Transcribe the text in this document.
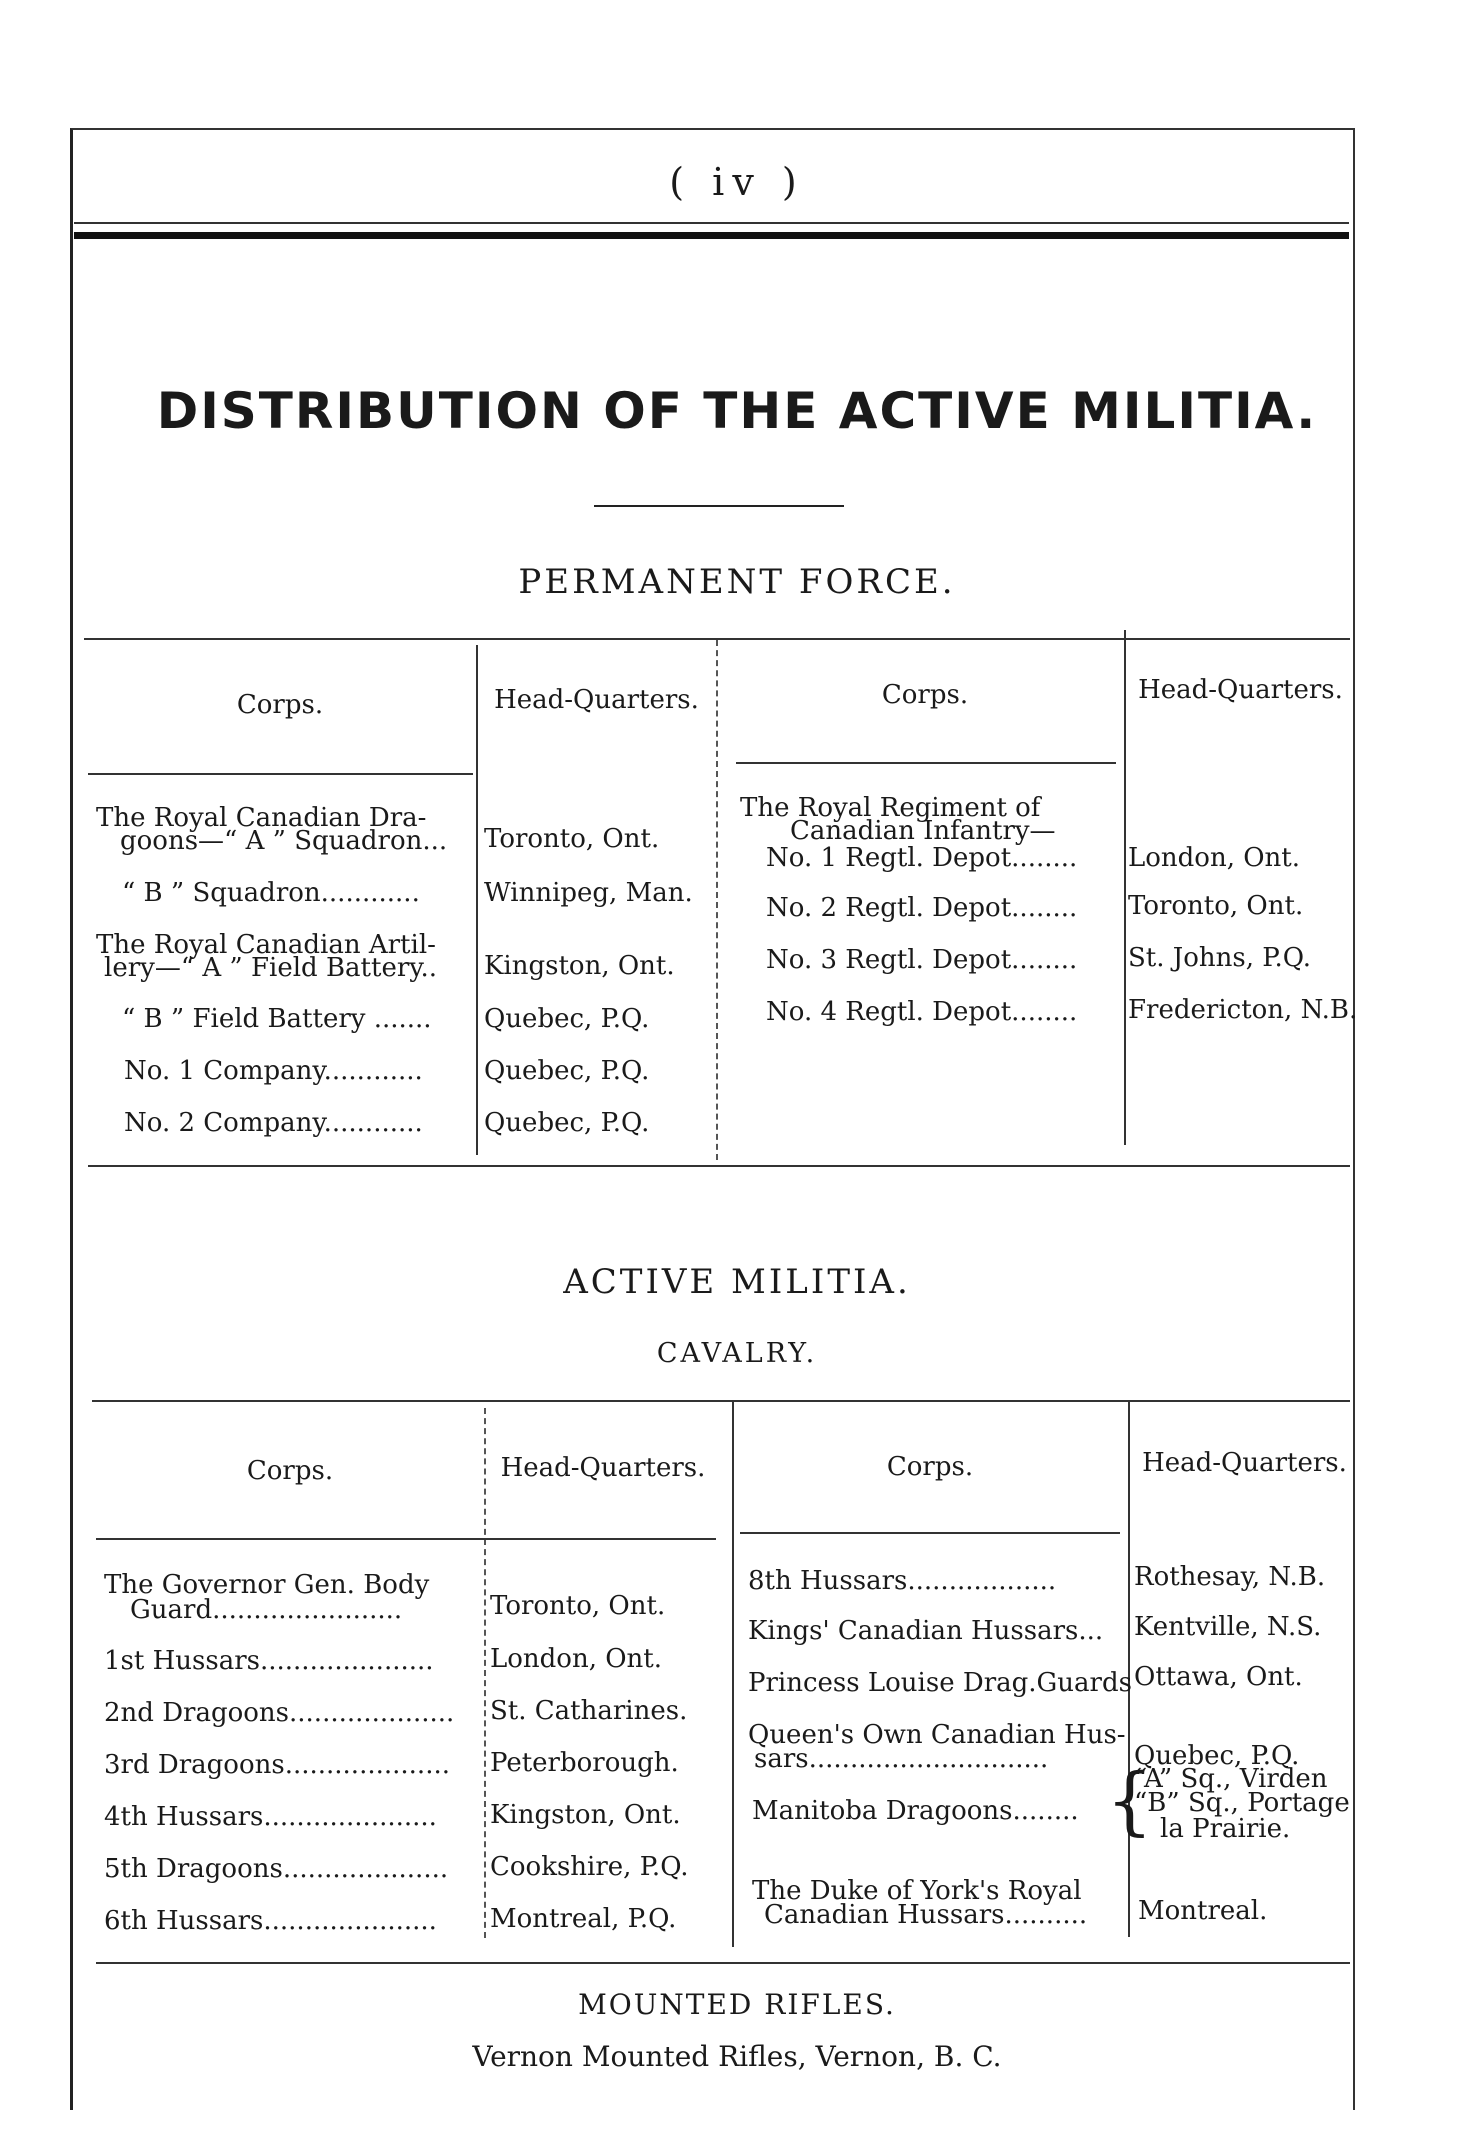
( iv )
DISTRIBUTION OF THE ACTIVE MILITIA.
PERMANENT FORCE.
Corps.	Head-Quarters.	Corps.	Head-Quarters.
The Royal Canadian Dra-
goons—“ A ” Squadron... Toronto, Ont.
“ B ” Squadron............ Winnipeg, Man.
The Royal Canadian Artil-
lery—“ A ” Field Battery.. Kingston, Ont.
“ B ” Field Battery ....... Quebec, P.Q.
No. 1 Company............ Quebec, P.Q.
No. 2 Company............ Quebec, P.Q.
The Royal Regiment of
Canadian Infantry—
No. 1 Regtl. Depot........ London, Ont.
No. 2 Regtl. Depot........ Toronto, Ont.
No. 3 Regtl. Depot........ St. Johns, P.Q.
No. 4 Regtl. Depot........ Fredericton, N.B.
ACTIVE MILITIA.
CAVALRY.
Corps.	Head-Quarters.	Corps.	Head-Quarters.
The Governor Gen. Body
Guard.......................	Toronto, Ont.
1st Hussars..................... London, Ont.
2nd Dragoons.................... St. Catharines.
3rd Dragoons.................... Peterborough.
4th Hussars..................... Kingston, Ont.
5th Dragoons.................... Cookshire, P.Q.
6th Hussars..................... Montreal, P.Q.
8th Hussars..................	Rothesay, N.B.
Kings' Canadian Hussars... Kentville, N.S.
Princess Louise Drag.Guards Ottawa, Ont.
Queen's Own Canadian Hus-
sars.............................	Quebec, P.Q.
Manitoba Dragoons........ {
“A” Sq., Virden
“B” Sq., Portage
la Prairie.
The Duke of York's Royal
Canadian Hussars.......... Montreal.
MOUNTED RIFLES.
Vernon Mounted Rifles, Vernon, B. C.
